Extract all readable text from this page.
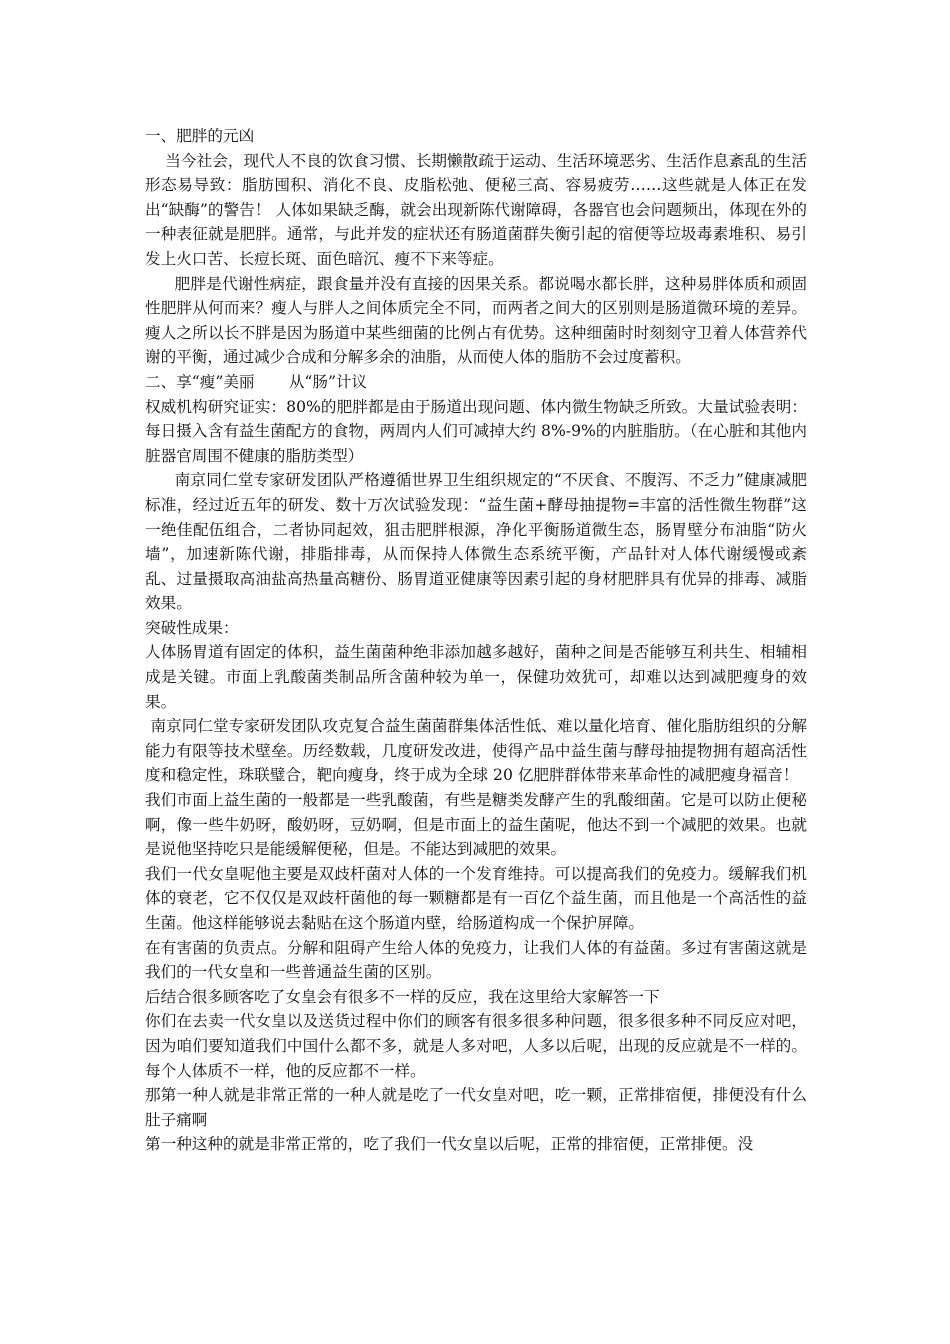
一、肥胖的元凶

当今社会，现代人不良的饮食习惯、长期懒散疏于运动、生活环境恶劣、生活作息紊乱的生活形态易导致：脂肪囤积、消化不良、皮脂松弛、便秘三高、容易疲劳……这些就是人体正在发出“缺酶”的警告！ 人体如果缺乏酶，就会出现新陈代谢障碍，各器官也会问题频出，体现在外的一种表征就是肥胖。通常，与此并发的症状还有肠道菌群失衡引起的宿便等垃圾毒素堆积、易引发上火口苦、长痘长斑、面色暗沉、瘦不下来等症。

肥胖是代谢性病症，跟食量并没有直接的因果关系。都说喝水都长胖，这种易胖体质和顽固性肥胖从何而来？瘦人与胖人之间体质完全不同，而两者之间大的区别则是肠道微环境的差异。瘦人之所以长不胖是因为肠道中某些细菌的比例占有优势。这种细菌时时刻刻守卫着人体营养代谢的平衡，通过减少合成和分解多余的油脂，从而使人体的脂肪不会过度蓄积。

二、享“瘦”美丽 从“肠”计议

权威机构研究证实：80%的肥胖都是由于肠道出现问题、体内微生物缺乏所致。大量试验表明：每日摄入含有益生菌配方的食物，两周内人们可减掉大约 8%-9%的内脏脂肪。（在心脏和其他内脏器官周围不健康的脂肪类型）

南京同仁堂专家研发团队严格遵循世界卫生组织规定的“不厌食、不腹泻、不乏力”健康减肥标准，经过近五年的研发、数十万次试验发现：“益生菌+酵母抽提物=丰富的活性微生物群”这一绝佳配伍组合，二者协同起效，狙击肥胖根源，净化平衡肠道微生态，肠胃壁分布油脂“防火墙”，加速新陈代谢，排脂排毒，从而保持人体微生态系统平衡，产品针对人体代谢缓慢或紊乱、过量摄取高油盐高热量高糖份、肠胃道亚健康等因素引起的身材肥胖具有优异的排毒、减脂效果。

突破性成果：

人体肠胃道有固定的体积，益生菌菌种绝非添加越多越好，菌种之间是否能够互利共生、相辅相成是关键。市面上乳酸菌类制品所含菌种较为单一，保健功效犹可，却难以达到减肥瘦身的效果。

南京同仁堂专家研发团队攻克复合益生菌菌群集体活性低、难以量化培育、催化脂肪组织的分解能力有限等技术壁垒。历经数载，几度研发改进，使得产品中益生菌与酵母抽提物拥有超高活性度和稳定性，珠联璧合，靶向瘦身，终于成为全球 20 亿肥胖群体带来革命性的减肥瘦身福音！

我们市面上益生菌的一般都是一些乳酸菌，有些是糖类发酵产生的乳酸细菌。它是可以防止便秘啊，像一些牛奶呀，酸奶呀，豆奶啊，但是市面上的益生菌呢，他达不到一个减肥的效果。也就是说他坚持吃只是能缓解便秘，但是。不能达到减肥的效果。

我们一代女皇呢他主要是双歧杆菌对人体的一个发育维持。可以提高我们的免疫力。缓解我们机体的衰老，它不仅仅是双歧杆菌他的每一颗糖都是有一百亿个益生菌，而且他是一个高活性的益生菌。他这样能够说去黏贴在这个肠道内壁，给肠道构成一个保护屏障。

在有害菌的负责点。分解和阻碍产生给人体的免疫力，让我们人体的有益菌。多过有害菌这就是我们的一代女皇和一些普通益生菌的区别。

后结合很多顾客吃了女皇会有很多不一样的反应，我在这里给大家解答一下

你们在去卖一代女皇以及送货过程中你们的顾客有很多很多种问题，很多很多种不同反应对吧，因为咱们要知道我们中国什么都不多，就是人多对吧，人多以后呢，出现的反应就是不一样的。每个人体质不一样，他的反应都不一样。

那第一种人就是非常正常的一种人就是吃了一代女皇对吧，吃一颗，正常排宿便，排便没有什么肚子痛啊

第一种这种的就是非常正常的，吃了我们一代女皇以后呢，正常的排宿便，正常排便。没
